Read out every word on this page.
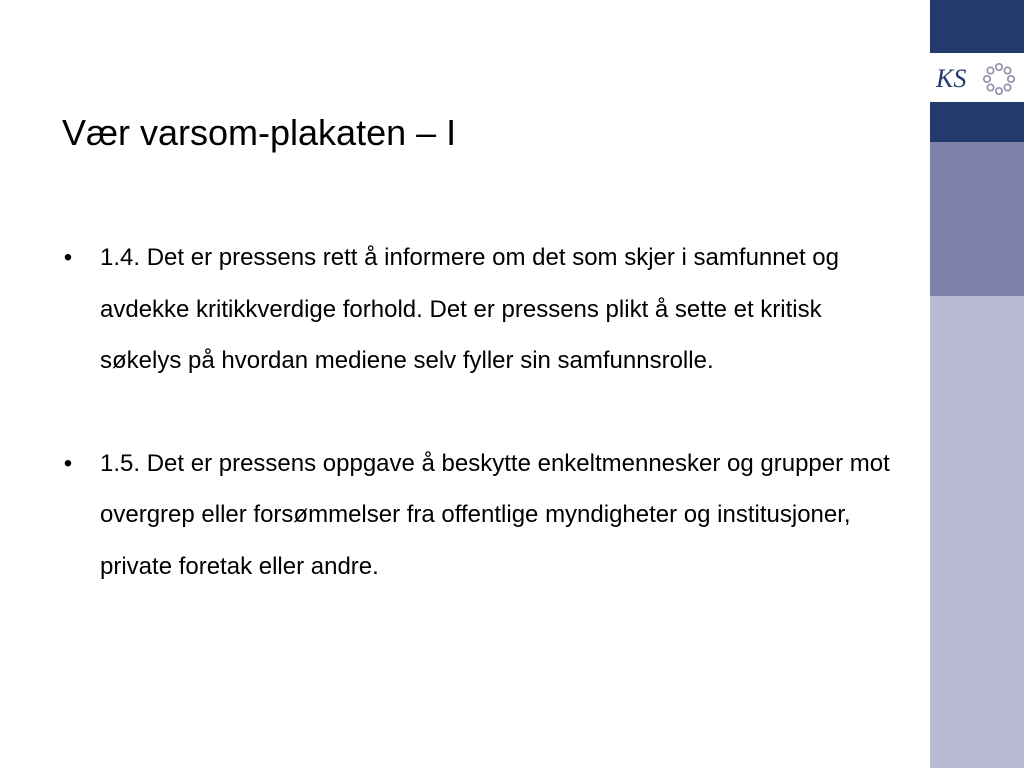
Vær varsom-plakaten – I
• 1.4. Det er pressens rett å informere om det som skjer i samfunnet og avdekke kritikkverdige forhold. Det er pressens plikt å sette et kritisk søkelys på hvordan mediene selv fyller sin samfunnsrolle.
• 1.5. Det er pressens oppgave å beskytte enkeltmennesker og grupper mot overgrep eller forsømmelser fra offentlige myndigheter og institusjoner, private foretak eller andre.
KS
